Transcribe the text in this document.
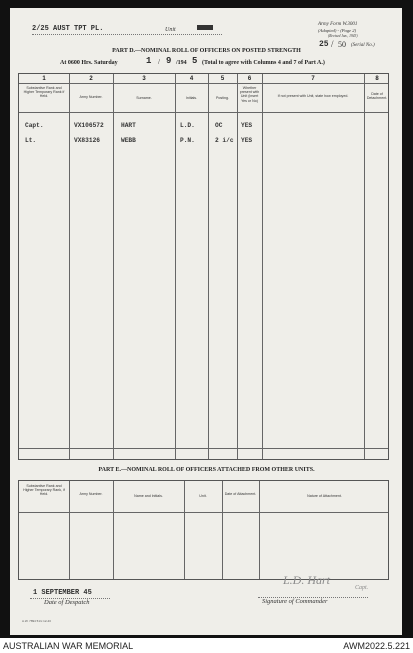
2/25 AUST TPT PL.	Unit
Army Form W.3001
(Adapted) - (Page 2)
(Revised Jan., 1943)
25 / 50 (Serial No.)
PART D.—NOMINAL ROLL OF OFFICERS ON POSTED STRENGTH
At 0600 Hrs. Saturday	1 / 9 /194 5 (Total to agree with Columns 4 and 7 of Part A.)
1	2	3	4	5	6	7	8
Substantive Rank and Higher Temporary Rank if Held.	Army Number.	Surname.	Initials.	Posting.
Whether present with Unit (insert Yes or No)
If not present with Unit, state how employed.	Date of Detachment.
Capt.	VX106572	HART	L.D.	OC	YES
Lt.	VX83126	WEBB	P.N.	2 i/c YES
PART E.—NOMINAL ROLL OF OFFICERS ATTACHED FROM OTHER UNITS.
Substantive Rank and Higher Temporary Rank, if Held.	Army Number.	Name and Initials.	Unit.	Date of Attachment.	Nature of Attachment.
1 SEPTEMBER 45
Date of Despatch
L.D. Hart
Capt.
Signature of Commander
A.W. 7894 51/c 12-43
AUSTRALIAN WAR MEMORIAL	AWM2022.5.221
